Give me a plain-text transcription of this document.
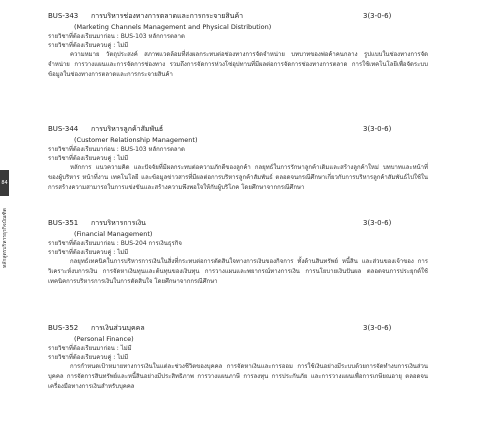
84
หลักสูตรบริหารธุรกิจบัณฑิต
BUS-343 การบริหารช่องทางการตลาดและการกระจายสินค้า	3(3-0-6)
(Marketing Channels Management and Physical Distribution)
รายวิชาที่ต้องเรียนมาก่อน : BUS-103 หลักการตลาด
รายวิชาที่ต้องเรียนควบคู่ : ไม่มี
ความหมาย วัตถุประสงค์ สภาพแวดล้อมที่ส่งผลกระทบต่อช่องทางการจัดจำหน่าย บทบาทของพ่อค้าคนกลาง รูปแบบในช่องทางการจัดจำหน่าย การวางแผนและการจัดการช่องทาง รวมถึงการจัดการห่วงโซ่อุปทานที่มีผลต่อการจัดการช่องทางการตลาด การใช้เทคโนโลยีเพื่อจัดระบบข้อมูลในช่องทางการตลาดและการกระจายสินค้า
BUS-344 การบริหารลูกค้าสัมพันธ์	3(3-0-6)
(Customer Relationship Management)
รายวิชาที่ต้องเรียนมาก่อน : BUS-103 หลักการตลาด
รายวิชาที่ต้องเรียนควบคู่ : ไม่มี
หลักการ แนวความคิด และปัจจัยที่มีผลกระทบต่อความภักดีของลูกค้า กลยุทธ์ในการรักษาลูกค้าเดิมและสร้างลูกค้าใหม่ บทบาทและหน้าที่ของผู้บริหาร หน้าที่งาน เทคโนโลยี และข้อมูลข่าวสารที่มีผลต่อการบริหารลูกค้าสัมพันธ์ ตลอดจนกรณีศึกษาเกี่ยวกับการบริหารลูกค้าสัมพันธ์ไปใช้ในการสร้างความสามารถในการแข่งขันและสร้างความพึงพอใจให้กับผู้บริโภค โดยศึกษาจากกรณีศึกษา
BUS-351 การบริหารการเงิน	3(3-0-6)
(Financial Management)
รายวิชาที่ต้องเรียนมาก่อน : BUS-204 การเงินธุรกิจ
รายวิชาที่ต้องเรียนควบคู่ : ไม่มี
กลยุทธ์เทคนิคในการบริหารการเงินในสิ่งที่กระทบต่อการตัดสินใจทางการเงินของกิจการ ทั้งด้านสินทรัพย์ หนี้สิน และส่วนของเจ้าของ การวิเคราะห์งบการเงิน การจัดหาเงินทุนและต้นทุนของเงินทุน การวางแผนและพยากรณ์ทางการเงิน การนโยบายเงินปันผล ตลอดจนการประยุกต์ใช้เทคนิคการบริหารการเงินในการตัดสินใจ โดยศึกษาจากกรณีศึกษา
BUS-352 การเงินส่วนบุคคล	3(3-0-6)
(Personal Finance)
รายวิชาที่ต้องเรียนมาก่อน : ไม่มี
รายวิชาที่ต้องเรียนควบคู่ : ไม่มี
การกำหนดเป้าหมายทางการเงินในแต่ละช่วงชีวิตของบุคคล การจัดหาเงินและการออม การใช้เงินอย่างมีระบบด้วยการจัดทำงบการเงินส่วนบุคคล การจัดการสินทรัพย์และหนี้สินอย่างมีประสิทธิภาพ การวางแผนภาษี การลงทุน การประกันภัย และการวางแผนเพื่อการเกษียณอายุ ตลอดจนเครื่องมือทางการเงินสำหรับบุคคล
